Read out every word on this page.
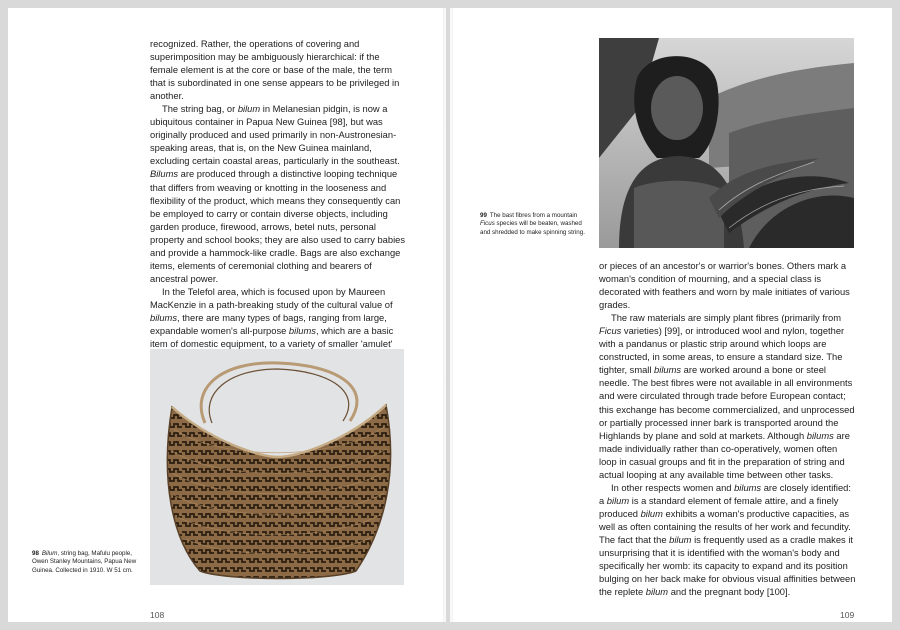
recognized. Rather, the operations of covering and superimposition may be ambiguously hierarchical: if the female element is at the core or base of the male, the term that is subordinated in one sense appears to be privileged in another.

The string bag, or bilum in Melanesian pidgin, is now a ubiquitous container in Papua New Guinea [98], but was originally produced and used primarily in non-Austronesian-speaking areas, that is, on the New Guinea mainland, excluding certain coastal areas, particularly in the southeast. Bilums are produced through a distinctive looping technique that differs from weaving or knotting in the looseness and flexibility of the product, which means they consequently can be employed to carry or contain diverse objects, including garden produce, firewood, arrows, betel nuts, personal property and school books; they are also used to carry babies and provide a hammock-like cradle. Bags are also exchange items, elements of ceremonial clothing and bearers of ancestral power.

In the Telefol area, which is focused upon by Maureen MacKenzie in a path-breaking study of the cultural value of bilums, there are many types of bags, ranging from large, expandable women's all-purpose bilums, which are a basic item of domestic equipment, to a variety of smaller 'amulet'

98 Bilum, string bag, Mafulu people, Owen Stanley Mountains, Papua New Guinea. Collected in 1910. W 51 cm.
108
99 The bast fibres from a mountain Ficus species will be beaten, washed and shredded to make spinning string.

or pieces of an ancestor's or warrior's bones. Others mark a woman's condition of mourning, and a special class is decorated with feathers and worn by male initiates of various grades.

The raw materials are simply plant fibres (primarily from Ficus varieties) [99], or introduced wool and nylon, together with a pandanus or plastic strip around which loops are constructed, in some areas, to ensure a standard size. The tighter, small bilums are worked around a bone or steel needle. The best fibres were not available in all environments and were circulated through trade before European contact; this exchange has become commercialized, and unprocessed or partially processed inner bark is transported around the Highlands by plane and sold at markets. Although bilums are made individually rather than co-operatively, women often loop in casual groups and fit in the preparation of string and actual looping at any available time between other tasks.

In other respects women and bilums are closely identified: a bilum is a standard element of female attire, and a finely produced bilum exhibits a woman's productive capacities, as well as often containing the results of her work and fecundity. The fact that the bilum is frequently used as a cradle makes it unsurprising that it is identified with the woman's body and specifically her womb: its capacity to expand and its position bulging on her back make for obvious visual affinities between the replete bilum and the pregnant body [100].

109
